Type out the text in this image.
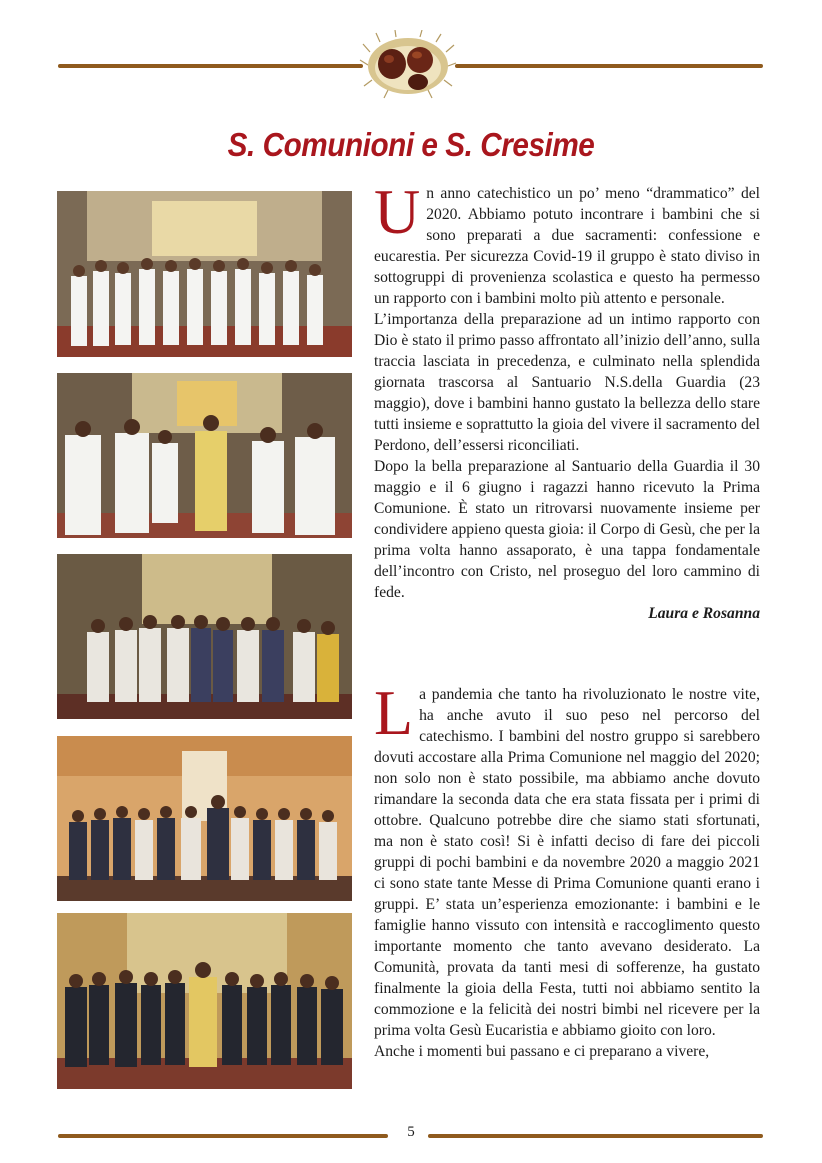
S. Comunioni e S. Cresime
U n anno catechistico un po’ meno “drammatico” del 2020. Abbiamo potuto incontrare i bambini che si sono preparati a due sacramenti: confessione e eucarestia. Per sicurezza Covid-19 il gruppo è stato diviso in sottogruppi di provenienza scolastica e questo ha permesso un rapporto con i bambini molto più attento e personale.

L’importanza della preparazione ad un intimo rapporto con Dio è stato il primo passo affrontato all’inizio dell’anno, sulla traccia lasciata in precedenza, e culminato nella splendida giornata trascorsa al Santuario N.S.della Guardia (23 maggio), dove i bambini hanno gustato la bellezza dello stare tutti insieme e soprattutto la gioia del vivere il sacramento del Perdono, dell’essersi riconciliati.

Dopo la bella preparazione al Santuario della Guardia il 30 maggio e il 6 giugno i ragazzi hanno ricevuto la Prima Comunione. È stato un ritrovarsi nuovamente insieme per condividere appieno questa gioia: il Corpo di Gesù, che per la prima volta hanno assaporato, è una tappa fondamentale dell’incontro con Cristo, nel proseguo del loro cammino di fede.

Laura e Rosanna

L a pandemia che tanto ha rivoluzionato le nostre vite, ha anche avuto il suo peso nel percorso del catechismo. I bambini del nostro gruppo si sarebbero dovuti accostare alla Prima Comunione nel maggio del 2020; non solo non è stato possibile, ma abbiamo anche dovuto rimandare la seconda data che era stata fissata per i primi di ottobre. Qualcuno potrebbe dire che siamo stati sfortunati, ma non è stato così! Si è infatti deciso di fare dei piccoli gruppi di pochi bambini e da novembre 2020 a maggio 2021 ci sono state tante Messe di Prima Comunione quanti erano i gruppi. E’ stata un’esperienza emozionante: i bambini e le famiglie hanno vissuto con intensità e raccoglimento questo importante momento che tanto avevano desiderato. La Comunità, provata da tanti mesi di sofferenze, ha gustato finalmente la gioia della Festa, tutti noi abbiamo sentito la commozione e la felicità dei nostri bimbi nel ricevere per la prima volta Gesù Eucaristia e abbiamo gioito con loro.

Anche i momenti bui passano e ci preparano a vivere,

5
